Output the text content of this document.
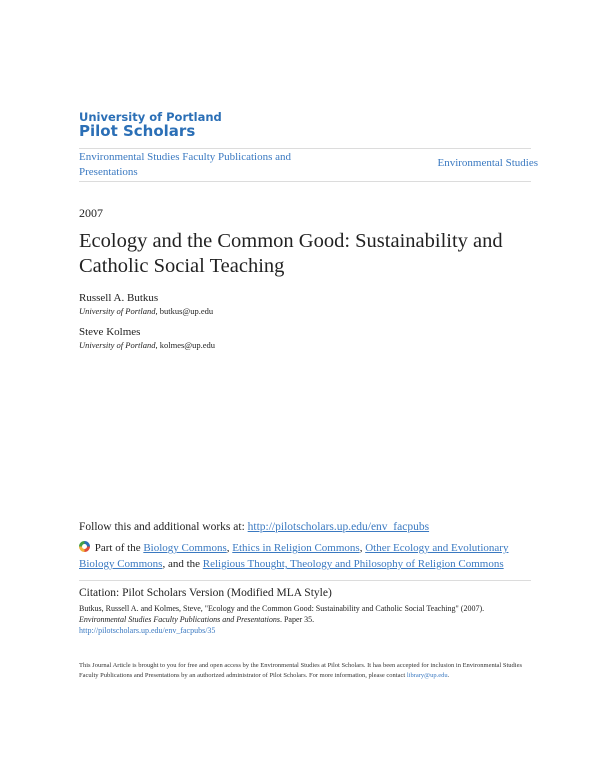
University of Portland
Pilot Scholars
Environmental Studies Faculty Publications and Presentations
Environmental Studies
2007
Ecology and the Common Good: Sustainability and Catholic Social Teaching
Russell A. Butkus
University of Portland, butkus@up.edu
Steve Kolmes
University of Portland, kolmes@up.edu
Follow this and additional works at: http://pilotscholars.up.edu/env_facpubs
Part of the Biology Commons, Ethics in Religion Commons, Other Ecology and Evolutionary Biology Commons, and the Religious Thought, Theology and Philosophy of Religion Commons
Citation: Pilot Scholars Version (Modified MLA Style)
Butkus, Russell A. and Kolmes, Steve, "Ecology and the Common Good: Sustainability and Catholic Social Teaching" (2007).
Environmental Studies Faculty Publications and Presentations. Paper 35.
http://pilotscholars.up.edu/env_facpubs/35
This Journal Article is brought to you for free and open access by the Environmental Studies at Pilot Scholars. It has been accepted for inclusion in Environmental Studies Faculty Publications and Presentations by an authorized administrator of Pilot Scholars. For more information, please contact library@up.edu.
